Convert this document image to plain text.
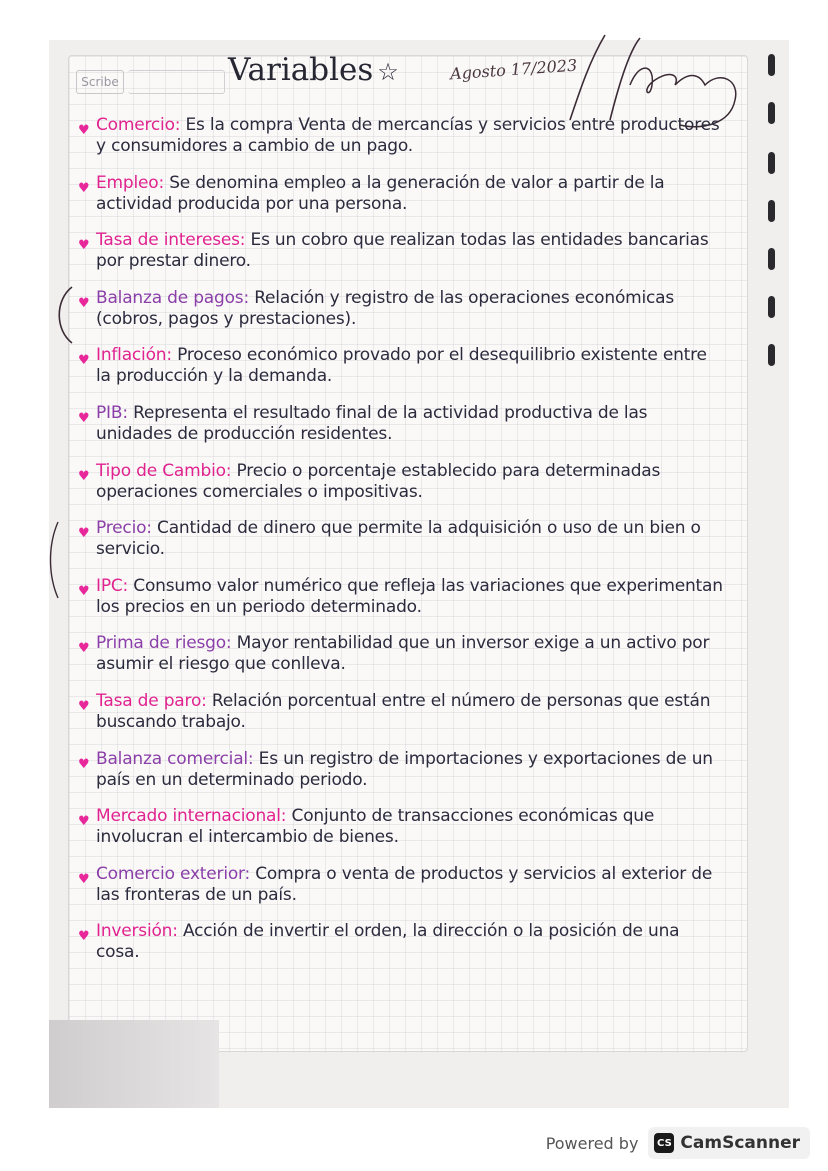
Scribe	Variables ☆	Agosto 17/2023
♥ Comercio: Es la compra Venta de mercancías y servicios entre productores y consumidores a cambio de un pago.
♥ Empleo: Se denomina empleo a la generación de valor a partir de la actividad producida por una persona.
♥ Tasa de intereses: Es un cobro que realizan todas las entidades bancarias por prestar dinero.
♥ Balanza de pagos: Relación y registro de las operaciones económicas (cobros, pagos y prestaciones).
♥ Inflación: Proceso económico provado por el desequilibrio existente entre la producción y la demanda.
♥ PIB: Representa el resultado final de la actividad productiva de las unidades de producción residentes.
♥ Tipo de Cambio: Precio o porcentaje establecido para determinadas operaciones comerciales o impositivas.
♥ Precio: Cantidad de dinero que permite la adquisición o uso de un bien o servicio.
♥ IPC: Consumo valor numérico que refleja las variaciones que experimentan los precios en un periodo determinado.
♥ Prima de riesgo: Mayor rentabilidad que un inversor exige a un activo por asumir el riesgo que conlleva.
♥ Tasa de paro: Relación porcentual entre el número de personas que están buscando trabajo.
♥ Balanza comercial: Es un registro de importaciones y exportaciones de un país en un determinado periodo.
♥ Mercado internacional: Conjunto de transacciones económicas que involucran el intercambio de bienes.
♥ Comercio exterior: Compra o venta de productos y servicios al exterior de las fronteras de un país.
♥ Inversión: Acción de invertir el orden, la dirección o la posición de una cosa.
Powered by CS CamScanner
